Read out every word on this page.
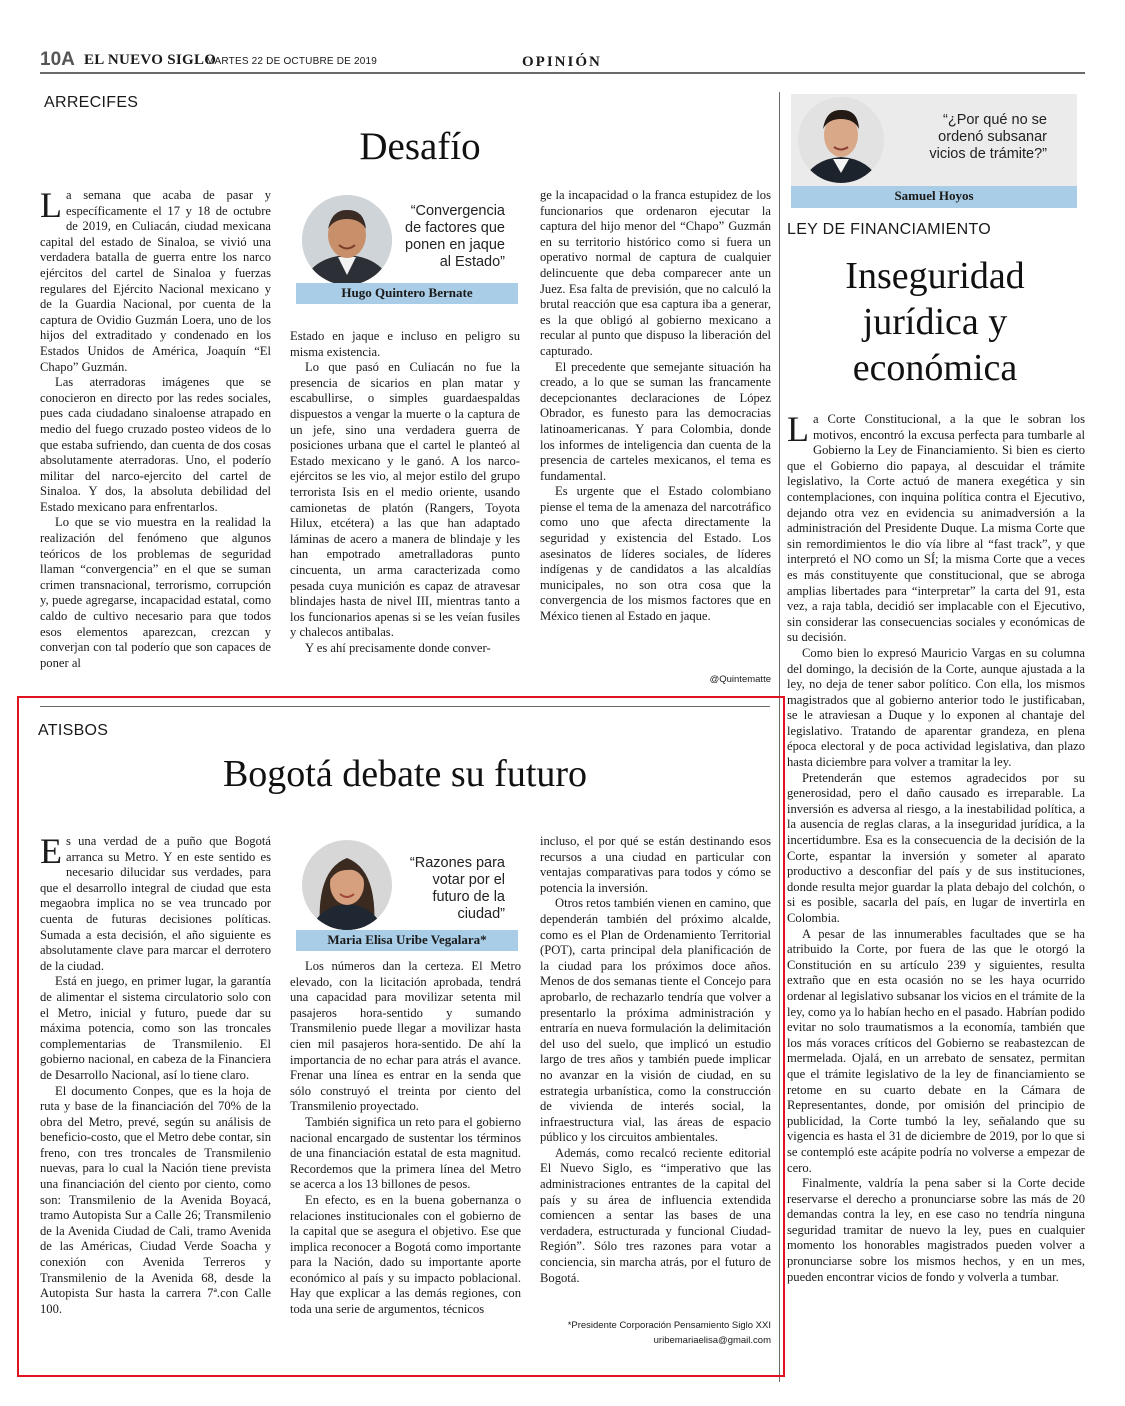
10A EL NUEVO SIGLO
MARTES 22 DE OCTUBRE DE 2019	OPINIÓN
ARRECIFES
Desafío

La semana que acaba de pasar y específicamente el 17 y 18 de octubre de 2019, en Culiacán, ciudad mexicana capital del estado de Sinaloa, se vivió una verdadera batalla de guerra entre los narco ejércitos del cartel de Sinaloa y fuerzas regulares del Ejército Nacional mexicano y de la Guardia Nacional, por cuenta de la captura de Ovidio Guzmán Loera, uno de los hijos del extraditado y condenado en los Estados Unidos de América, Joaquín “El Chapo” Guzmán.

Las aterradoras imágenes que se conocieron en directo por las redes sociales, pues cada ciudadano sinaloense atrapado en medio del fuego cruzado posteo videos de lo que estaba sufriendo, dan cuenta de dos cosas absolutamente aterradoras. Uno, el poderío militar del narco-ejercito del cartel de Sinaloa. Y dos, la absoluta debilidad del Estado mexicano para enfrentarlos.

Lo que se vio muestra en la realidad la realización del fenómeno que algunos teóricos de los problemas de seguridad llaman “convergencia” en el que se suman crimen transnacional, terrorismo, corrupción y, puede agregarse, incapacidad estatal, como caldo de cultivo necesario para que todos esos elementos aparezcan, crezcan y converjan con tal poderío que son capaces de poner al

“Convergencia de factores que ponen en jaque al Estado”
Hugo Quintero Bernate

Estado en jaque e incluso en peligro su misma existencia.

Lo que pasó en Culiacán no fue la presencia de sicarios en plan matar y escabullirse, o simples guardaespaldas dispuestos a vengar la muerte o la captura de un jefe, sino una verdadera guerra de posiciones urbana que el cartel le planteó al Estado mexicano y le ganó. A los narco-ejércitos se les vio, al mejor estilo del grupo terrorista Isis en el medio oriente, usando camionetas de platón (Rangers, Toyota Hilux, etcétera) a las que han adaptado láminas de acero a manera de blindaje y les han empotrado ametralladoras punto cincuenta, un arma caracterizada como pesada cuya munición es capaz de atravesar blindajes hasta de nivel III, mientras tanto a los funcionarios apenas si se les veían fusiles y chalecos antibalas.

Y es ahí precisamente donde conver-

ge la incapacidad o la franca estupidez de los funcionarios que ordenaron ejecutar la captura del hijo menor del “Chapo” Guzmán en su territorio histórico como si fuera un operativo normal de captura de cualquier delincuente que deba comparecer ante un Juez. Esa falta de previsión, que no calculó la brutal reacción que esa captura iba a generar, es la que obligó al gobierno mexicano a recular al punto que dispuso la liberación del capturado.

El precedente que semejante situación ha creado, a lo que se suman las francamente decepcionantes declaraciones de López Obrador, es funesto para las democracias latinoamericanas. Y para Colombia, donde los informes de inteligencia dan cuenta de la presencia de carteles mexicanos, el tema es fundamental.

Es urgente que el Estado colombiano piense el tema de la amenaza del narcotráfico como uno que afecta directamente la seguridad y existencia del Estado. Los asesinatos de líderes sociales, de líderes indígenas y de candidatos a las alcaldías municipales, no son otra cosa que la convergencia de los mismos factores que en México tienen al Estado en jaque.

@Quintematte
ATISBOS
Bogotá debate su futuro

Es una verdad de a puño que Bogotá arranca su Metro. Y en este sentido es necesario dilucidar sus verdades, para que el desarrollo integral de ciudad que esta megaobra implica no se vea truncado por cuenta de futuras decisiones políticas. Sumada a esta decisión, el año siguiente es absolutamente clave para marcar el derrotero de la ciudad.

Está en juego, en primer lugar, la garantía de alimentar el sistema circulatorio solo con el Metro, inicial y futuro, puede dar su máxima potencia, como son las troncales complementarias de Transmilenio. El gobierno nacional, en cabeza de la Financiera de Desarrollo Nacional, así lo tiene claro.

El documento Conpes, que es la hoja de ruta y base de la financiación del 70% de la obra del Metro, prevé, según su análisis de beneficio-costo, que el Metro debe contar, sin freno, con tres troncales de Transmilenio nuevas, para lo cual la Nación tiene prevista una financiación del ciento por ciento, como son: Transmilenio de la Avenida Boyacá, tramo Autopista Sur a Calle 26; Transmilenio de la Avenida Ciudad de Cali, tramo Avenida de las Américas, Ciudad Verde Soacha y conexión con Avenida Terreros y Transmilenio de la Avenida 68, desde la Autopista Sur hasta la carrera 7ª.con Calle 100.

“Razones para votar por el futuro de la ciudad”
Maria Elisa Uribe Vegalara*

Los números dan la certeza. El Metro elevado, con la licitación aprobada, tendrá una capacidad para movilizar setenta mil pasajeros hora-sentido y sumando Transmilenio puede llegar a movilizar hasta cien mil pasajeros hora-sentido. De ahí la importancia de no echar para atrás el avance. Frenar una línea es entrar en la senda que sólo construyó el treinta por ciento del Transmilenio proyectado.

También significa un reto para el gobierno nacional encargado de sustentar los términos de una financiación estatal de esta magnitud. Recordemos que la primera línea del Metro se acerca a los 13 billones de pesos.

En efecto, es en la buena gobernanza o relaciones institucionales con el gobierno de la capital que se asegura el objetivo. Ese que implica reconocer a Bogotá como importante para la Nación, dado su importante aporte económico al país y su impacto poblacional. Hay que explicar a las demás regiones, con toda una serie de argumentos, técnicos

incluso, el por qué se están destinando esos recursos a una ciudad en particular con ventajas comparativas para todos y cómo se potencia la inversión.

Otros retos también vienen en camino, que dependerán también del próximo alcalde, como es el Plan de Ordenamiento Territorial (POT), carta principal dela planificación de la ciudad para los próximos doce años. Menos de dos semanas tiente el Concejo para aprobarlo, de rechazarlo tendría que volver a presentarlo la próxima administración y entraría en nueva formulación la delimitación del uso del suelo, que implicó un estudio largo de tres años y también puede implicar no avanzar en la visión de ciudad, en su estrategia urbanística, como la construcción de vivienda de interés social, la infraestructura vial, las áreas de espacio público y los circuitos ambientales.

Además, como recalcó reciente editorial El Nuevo Siglo, es “imperativo que las administraciones entrantes de la capital del país y su área de influencia extendida comiencen a sentar las bases de una verdadera, estructurada y funcional Ciudad-Región”. Sólo tres razones para votar a conciencia, sin marcha atrás, por el futuro de Bogotá.

*Presidente Corporación Pensamiento Siglo XXI
uribemariaelisa@gmail.com
“¿Por qué no se ordenó subsanar vicios de trámite?”
Samuel Hoyos
LEY DE FINANCIAMIENTO
Inseguridad jurídica y económica

La Corte Constitucional, a la que le sobran los motivos, encontró la excusa perfecta para tumbarle al Gobierno la Ley de Financiamiento. Si bien es cierto que el Gobierno dio papaya, al descuidar el trámite legislativo, la Corte actuó de manera exegética y sin contemplaciones, con inquina política contra el Ejecutivo, dejando otra vez en evidencia su animadversión a la administración del Presidente Duque. La misma Corte que sin remordimientos le dio vía libre al “fast track”, y que interpretó el NO como un SÍ; la misma Corte que a veces es más constituyente que constitucional, que se abroga amplias libertades para “interpretar” la carta del 91, esta vez, a raja tabla, decidió ser implacable con el Ejecutivo, sin considerar las consecuencias sociales y económicas de su decisión.

Como bien lo expresó Mauricio Vargas en su columna del domingo, la decisión de la Corte, aunque ajustada a la ley, no deja de tener sabor político. Con ella, los mismos magistrados que al gobierno anterior todo le justificaban, se le atraviesan a Duque y lo exponen al chantaje del legislativo. Tratando de aparentar grandeza, en plena época electoral y de poca actividad legislativa, dan plazo hasta diciembre para volver a tramitar la ley.

Pretenderán que estemos agradecidos por su generosidad, pero el daño causado es irreparable. La inversión es adversa al riesgo, a la inestabilidad política, a la ausencia de reglas claras, a la inseguridad jurídica, a la incertidumbre. Esa es la consecuencia de la decisión de la Corte, espantar la inversión y someter al aparato productivo a desconfiar del país y de sus instituciones, donde resulta mejor guardar la plata debajo del colchón, o si es posible, sacarla del país, en lugar de invertirla en Colombia.

A pesar de las innumerables facultades que se ha atribuido la Corte, por fuera de las que le otorgó la Constitución en su artículo 239 y siguientes, resulta extraño que en esta ocasión no se les haya ocurrido ordenar al legislativo subsanar los vicios en el trámite de la ley, como ya lo habían hecho en el pasado. Habrían podido evitar no solo traumatismos a la economía, también que los más voraces críticos del Gobierno se reabastezcan de mermelada. Ojalá, en un arrebato de sensatez, permitan que el trámite legislativo de la ley de financiamiento se retome en su cuarto debate en la Cámara de Representantes, donde, por omisión del principio de publicidad, la Corte tumbó la ley, señalando que su vigencia es hasta el 31 de diciembre de 2019, por lo que si se contempló este acápite podría no volverse a empezar de cero.

Finalmente, valdría la pena saber si la Corte decide reservarse el derecho a pronunciarse sobre las más de 20 demandas contra la ley, en ese caso no tendría ninguna seguridad tramitar de nuevo la ley, pues en cualquier momento los honorables magistrados pueden volver a pronunciarse sobre los mismos hechos, y en un mes, pueden encontrar vicios de fondo y volverla a tumbar.
